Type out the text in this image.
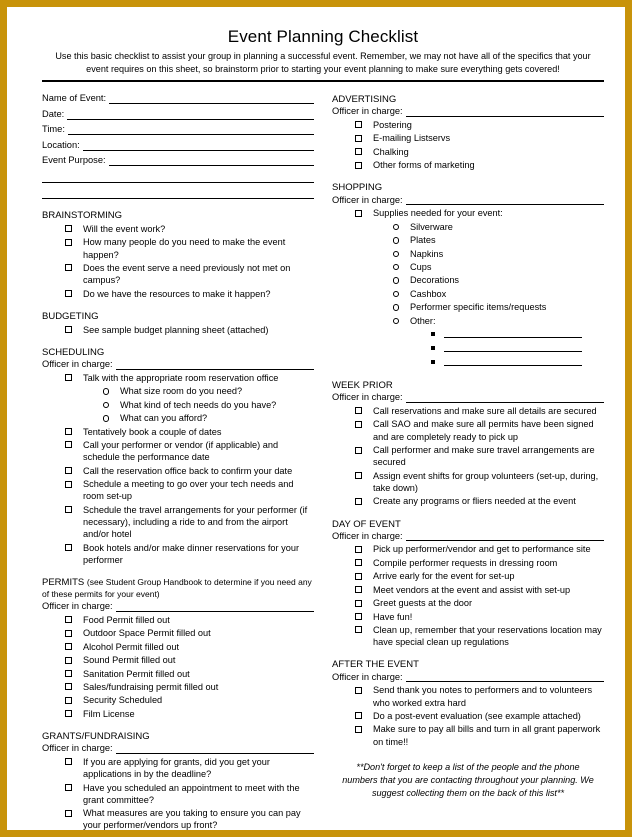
Event Planning Checklist
Use this basic checklist to assist your group in planning a successful event. Remember, we may not have all of the specifics that your event requires on this sheet, so brainstorm prior to starting your event planning to make sure everything gets covered!
Name of Event:
Date:
Time:
Location:
Event Purpose:
BRAINSTORMING
Will the event work?
How many people do you need to make the event happen?
Does the event serve a need previously not met on campus?
Do we have the resources to make it happen?
BUDGETING
See sample budget planning sheet (attached)
SCHEDULING
Officer in charge:
Talk with the appropriate room reservation office
What size room do you need?
What kind of tech needs do you have?
What can you afford?
Tentatively book a couple of dates
Call your performer or vendor (if applicable) and schedule the performance date
Call the reservation office back to confirm your date
Schedule a meeting to go over your tech needs and room set-up
Schedule the travel arrangements for your performer (if necessary), including a ride to and from the airport and/or hotel
Book hotels and/or make dinner reservations for your performer
PERMITS (see Student Group Handbook to determine if you need any of these permits for your event)
Officer in charge:
Food Permit filled out
Outdoor Space Permit filled out
Alcohol Permit filled out
Sound Permit filled out
Sanitation Permit filled out
Sales/fundraising permit filled out
Security Scheduled
Film License
GRANTS/FUNDRAISING
Officer in charge:
If you are applying for grants, did you get your applications in by the deadline?
Have you scheduled an appointment to meet with the grant committee?
What measures are you taking to ensure you can pay your performer/vendors up front?
ADVERTISING
Officer in charge:
Postering
E-mailing Listservs
Chalking
Other forms of marketing
SHOPPING
Officer in charge:
Supplies needed for your event:
Silverware
Plates
Napkins
Cups
Decorations
Cashbox
Performer specific items/requests
Other:
WEEK PRIOR
Officer in charge:
Call reservations and make sure all details are secured
Call SAO and make sure all permits have been signed and are completely ready to pick up
Call performer and make sure travel arrangements are secured
Assign event shifts for group volunteers (set-up, during, take down)
Create any programs or fliers needed at the event
DAY OF EVENT
Officer in charge:
Pick up performer/vendor and get to performance site
Compile performer requests in dressing room
Arrive early for the event for set-up
Meet vendors at the event and assist with set-up
Greet guests at the door
Have fun!
Clean up, remember that your reservations location may have special clean up regulations
AFTER THE EVENT
Officer in charge:
Send thank you notes to performers and to volunteers who worked extra hard
Do a post-event evaluation (see example attached)
Make sure to pay all bills and turn in all grant paperwork on time!!
**Don't forget to keep a list of the people and the phone numbers that you are contacting throughout your planning. We suggest collecting them on the back of this list**
